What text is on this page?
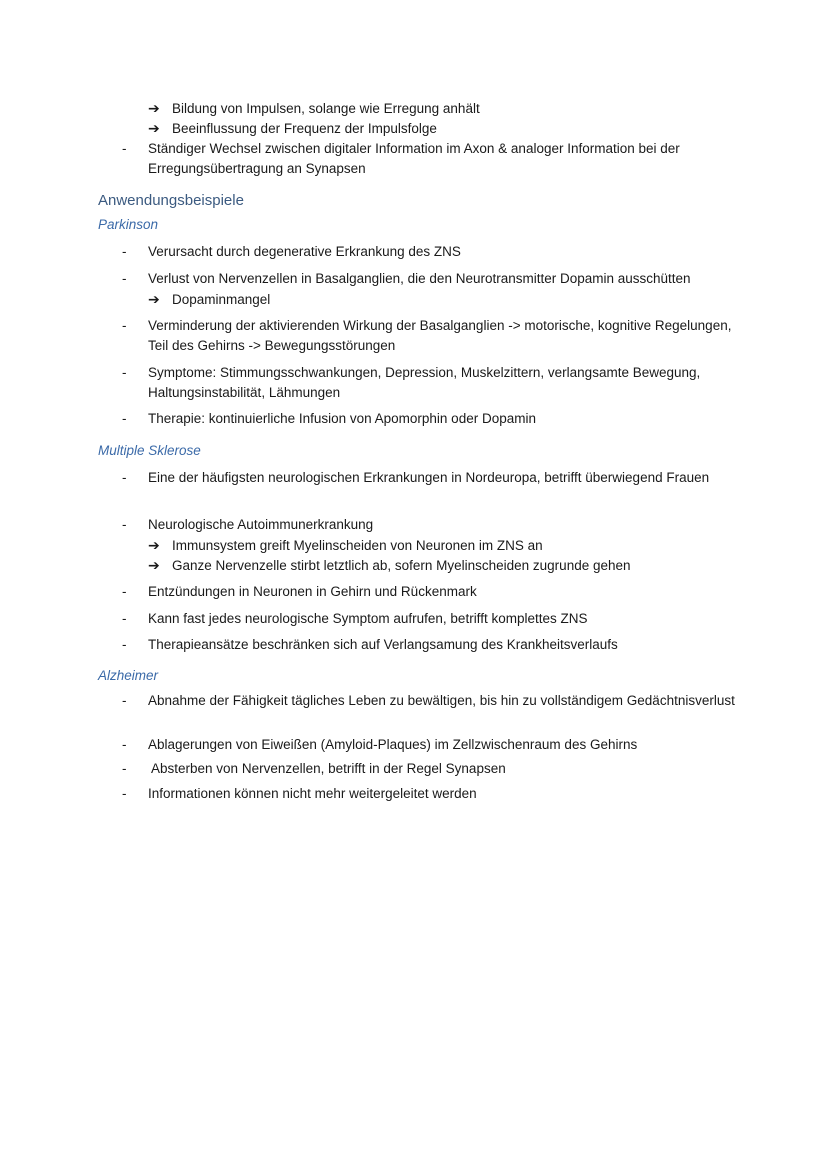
➔ Bildung von Impulsen, solange wie Erregung anhält
➔ Beeinflussung der Frequenz der Impulsfolge
- Ständiger Wechsel zwischen digitaler Information im Axon & analoger Information bei der Erregungsübertragung an Synapsen
Anwendungsbeispiele
Parkinson
- Verursacht durch degenerative Erkrankung des ZNS
- Verlust von Nervenzellen in Basalganglien, die den Neurotransmitter Dopamin ausschütten
➔ Dopaminmangel
- Verminderung der aktivierenden Wirkung der Basalganglien -> motorische, kognitive Regelungen, Teil des Gehirns -> Bewegungsstörungen
- Symptome: Stimmungsschwankungen, Depression, Muskelzittern, verlangsamte Bewegung, Haltungsinstabilität, Lähmungen
- Therapie: kontinuierliche Infusion von Apomorphin oder Dopamin
Multiple Sklerose
- Eine der häufigsten neurologischen Erkrankungen in Nordeuropa, betrifft überwiegend Frauen
- Neurologische Autoimmunerkrankung
➔ Immunsystem greift Myelinscheiden von Neuronen im ZNS an
➔ Ganze Nervenzelle stirbt letztlich ab, sofern Myelinscheiden zugrunde gehen
- Entzündungen in Neuronen in Gehirn und Rückenmark
- Kann fast jedes neurologische Symptom aufrufen, betrifft komplettes ZNS
- Therapieansätze beschränken sich auf Verlangsamung des Krankheitsverlaufs
Alzheimer
- Abnahme der Fähigkeit tägliches Leben zu bewältigen, bis hin zu vollständigem Gedächtnisverlust
- Ablagerungen von Eiweißen (Amyloid-Plaques) im Zellzwischenraum des Gehirns
- Absterben von Nervenzellen, betrifft in der Regel Synapsen
- Informationen können nicht mehr weitergeleitet werden
